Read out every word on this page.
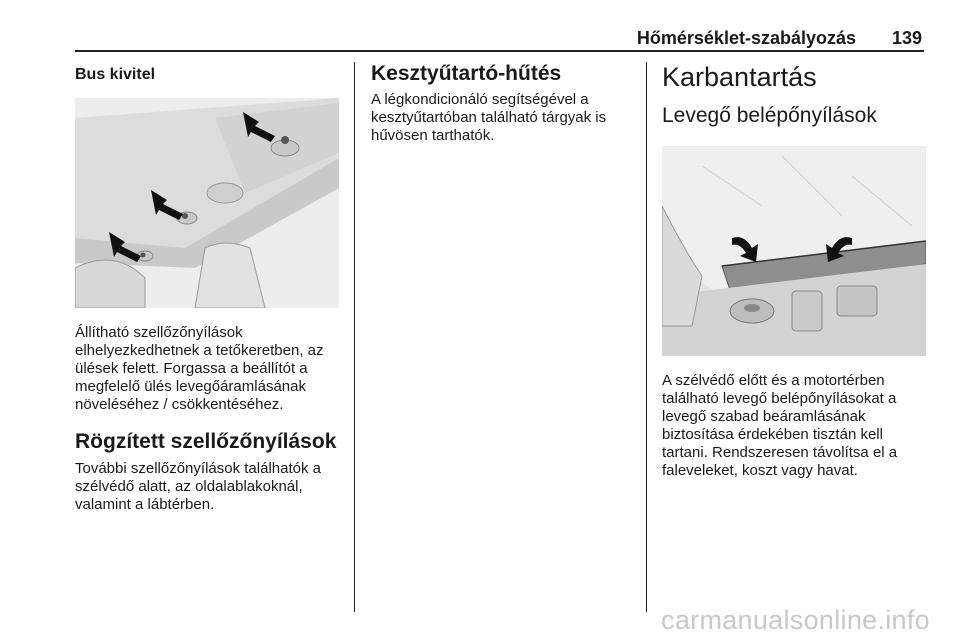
Hőmérséklet-szabályozás 139
Bus kivitel
Állítható szellőzőnyílások elhelyezkedhetnek a tetőkeretben, az ülések felett. Forgassa a beállítót a megfelelő ülés levegőáramlásának növeléséhez / csökkentéséhez.
Rögzített szellőzőnyílások
További szellőzőnyílások találhatók a szélvédő alatt, az oldalablakoknál, valamint a lábtérben.
Kesztyűtartó-hűtés
A légkondicionáló segítségével a kesztyűtartóban található tárgyak is hűvösen tarthatók.
Karbantartás
Levegő belépőnyílások
A szélvédő előtt és a motortérben található levegő belépőnyílásokat a levegő szabad beáramlásának biztosítása érdekében tisztán kell tartani. Rendszeresen távolítsa el a faleveleket, koszt vagy havat.
carmanualsonline.info
